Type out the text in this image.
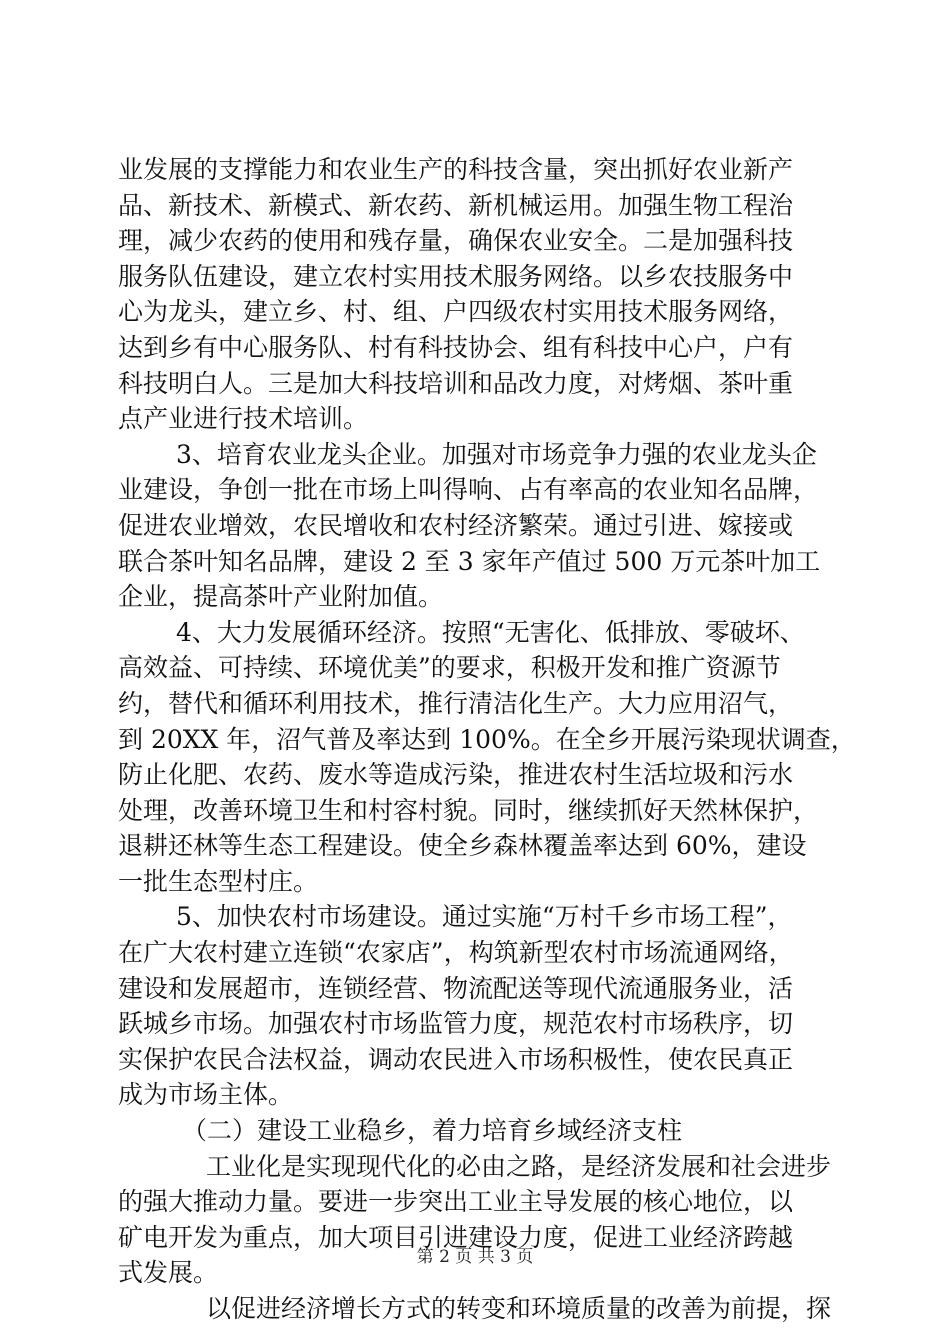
业发展的支撑能力和农业生产的科技含量，突出抓好农业新产

品、新技术、新模式、新农药、新机械运用。加强生物工程治

理，减少农药的使用和残存量，确保农业安全。二是加强科技

服务队伍建设，建立农村实用技术服务网络。以乡农技服务中

心为龙头，建立乡、村、组、户四级农村实用技术服务网络，

达到乡有中心服务队、村有科技协会、组有科技中心户，户有

科技明白人。三是加大科技培训和品改力度，对烤烟、茶叶重

点产业进行技术培训。

3、培育农业龙头企业。加强对市场竞争力强的农业龙头企

业建设，争创一批在市场上叫得响、占有率高的农业知名品牌，

促进农业增效，农民增收和农村经济繁荣。通过引进、嫁接或

联合茶叶知名品牌，建设 2 至 3 家年产值过 500 万元茶叶加工

企业，提高茶叶产业附加值。

4、大力发展循环经济。按照“无害化、低排放、零破坏、

高效益、可持续、环境优美”的要求，积极开发和推广资源节

约，替代和循环利用技术，推行清洁化生产。大力应用沼气，

到 20XX 年，沼气普及率达到 100%。在全乡开展污染现状调查，

防止化肥、农药、废水等造成污染，推进农村生活垃圾和污水

处理，改善环境卫生和村容村貌。同时，继续抓好天然林保护，

退耕还林等生态工程建设。使全乡森林覆盖率达到 60%，建设

一批生态型村庄。

5、加快农村市场建设。通过实施“万村千乡市场工程”，

在广大农村建立连锁“农家店”，构筑新型农村市场流通网络，

建设和发展超市，连锁经营、物流配送等现代流通服务业，活

跃城乡市场。加强农村市场监管力度，规范农村市场秩序，切

实保护农民合法权益，调动农民进入市场积极性，使农民真正

成为市场主体。

（二）建设工业稳乡，着力培育乡域经济支柱

工业化是实现现代化的必由之路，是经济发展和社会进步

的强大推动力量。要进一步突出工业主导发展的核心地位，以

矿电开发为重点，加大项目引进建设力度，促进工业经济跨越

式发展。

以促进经济增长方式的转变和环境质量的改善为前提，探

第 2 页 共 3 页
